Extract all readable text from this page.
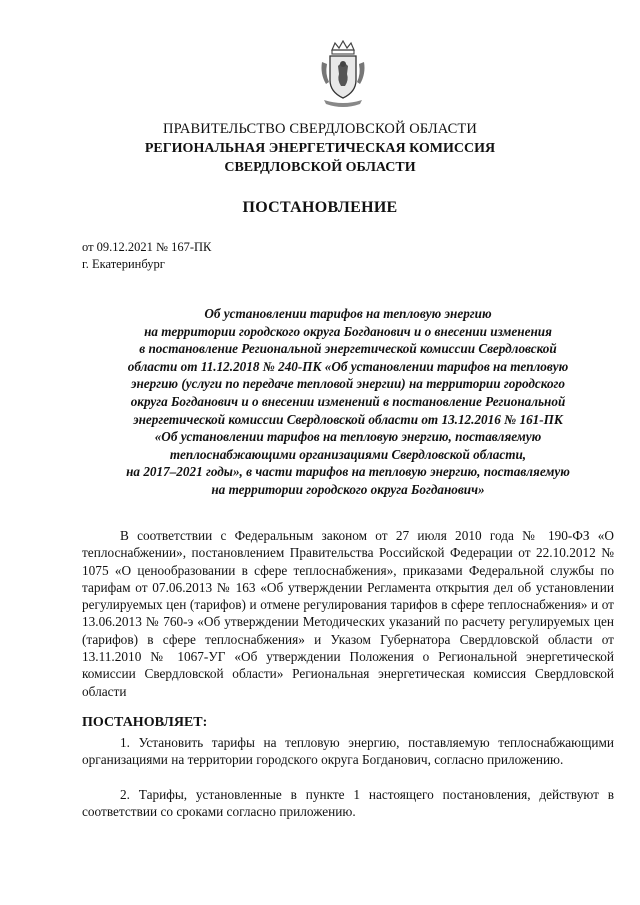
ПРАВИТЕЛЬСТВО СВЕРДЛОВСКОЙ ОБЛАСТИ
РЕГИОНАЛЬНАЯ ЭНЕРГЕТИЧЕСКАЯ КОМИССИЯ
СВЕРДЛОВСКОЙ ОБЛАСТИ
ПОСТАНОВЛЕНИЕ
от 09.12.2021 № 167-ПК
г. Екатеринбург
Об установлении тарифов на тепловую энергию
на территории городского округа Богданович и о внесении изменения
в постановление Региональной энергетической комиссии Свердловской
области от 11.12.2018 № 240-ПК «Об установлении тарифов на тепловую
энергию (услуги по передаче тепловой энергии) на территории городского
округа Богданович и о внесении изменений в постановление Региональной
энергетической комиссии Свердловской области от 13.12.2016 № 161-ПК
«Об установлении тарифов на тепловую энергию, поставляемую
теплоснабжающими организациями Свердловской области,
на 2017–2021 годы», в части тарифов на тепловую энергию, поставляемую
на территории городского округа Богданович»
В соответствии с Федеральным законом от 27 июля 2010 года № 190-ФЗ «О теплоснабжении», постановлением Правительства Российской Федерации от 22.10.2012 № 1075 «О ценообразовании в сфере теплоснабжения», приказами Федеральной службы по тарифам от 07.06.2013 № 163 «Об утверждении Регламента открытия дел об установлении регулируемых цен (тарифов) и отмене регулирования тарифов в сфере теплоснабжения» и от 13.06.2013 № 760-э «Об утверждении Методических указаний по расчету регулируемых цен (тарифов) в сфере теплоснабжения» и Указом Губернатора Свердловской области от 13.11.2010 № 1067-УГ «Об утверждении Положения о Региональной энергетической комиссии Свердловской области» Региональная энергетическая комиссия Свердловской области
ПОСТАНОВЛЯЕТ:
1. Установить тарифы на тепловую энергию, поставляемую теплоснабжающими организациями на территории городского округа Богданович, согласно приложению.
2. Тарифы, установленные в пункте 1 настоящего постановления, действуют в соответствии со сроками согласно приложению.
